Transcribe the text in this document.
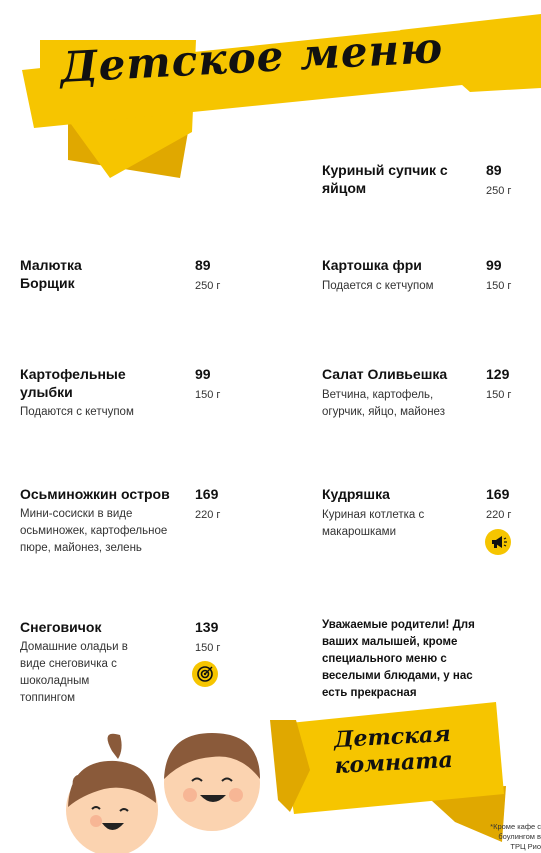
Детское меню
Куриный супчик с яйцом
89
250 г
Малютка Борщик
89
250 г
Картошка фри	99
150 г
Подается с кетчупом
Картофельные улыбки
99
150 г
Подаются с кетчупом
Салат Оливьешка	129
150 г
Ветчина, картофель, огурчик, яйцо, майонез
Осьминожкин остров	169
220 г
Мини-сосиски в виде осьминожек, картофельное пюре, майонез, зелень
Кудряшка	169
220 г
Куриная котлетка с макарошками
Снеговичок	139
150 г
Домашние оладьи в виде снеговичка с шоколадным топпингом
Уважаемые родители! Для ваших малышей, кроме специального меню с веселыми блюдами, у нас есть прекрасная
Детская
комната
*Кроме кафе с боулингом в ТРЦ Рио
